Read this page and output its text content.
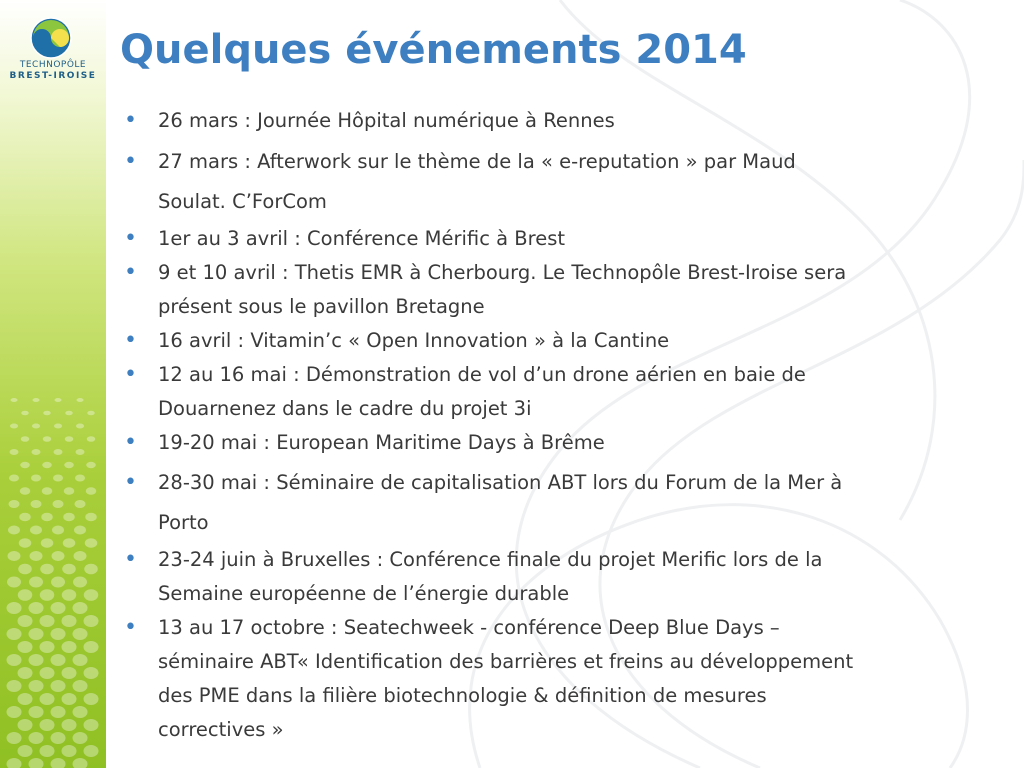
TECHNOPÔLE
BREST-IROISE
Quelques événements 2014
• 26 mars : Journée Hôpital numérique à Rennes
• 27 mars : Afterwork sur le thème de la « e-reputation » par Maud
Soulat. C’ForCom
• 1er au 3 avril : Conférence Mérific à Brest
• 9 et 10 avril : Thetis EMR à Cherbourg. Le Technopôle Brest-Iroise sera
présent sous le pavillon Bretagne
• 16 avril : Vitamin’c « Open Innovation » à la Cantine
• 12 au 16 mai : Démonstration de vol d’un drone aérien en baie de
Douarnenez dans le cadre du projet 3i
• 19-20 mai : European Maritime Days à Brême
• 28-30 mai : Séminaire de capitalisation ABT lors du Forum de la Mer à
Porto
• 23-24 juin à Bruxelles : Conférence finale du projet Merific lors de la
Semaine européenne de l’énergie durable
• 13 au 17 octobre : Seatechweek - conférence Deep Blue Days –
séminaire ABT« Identification des barrières et freins au développement
des PME dans la filière biotechnologie & définition de mesures
correctives »
